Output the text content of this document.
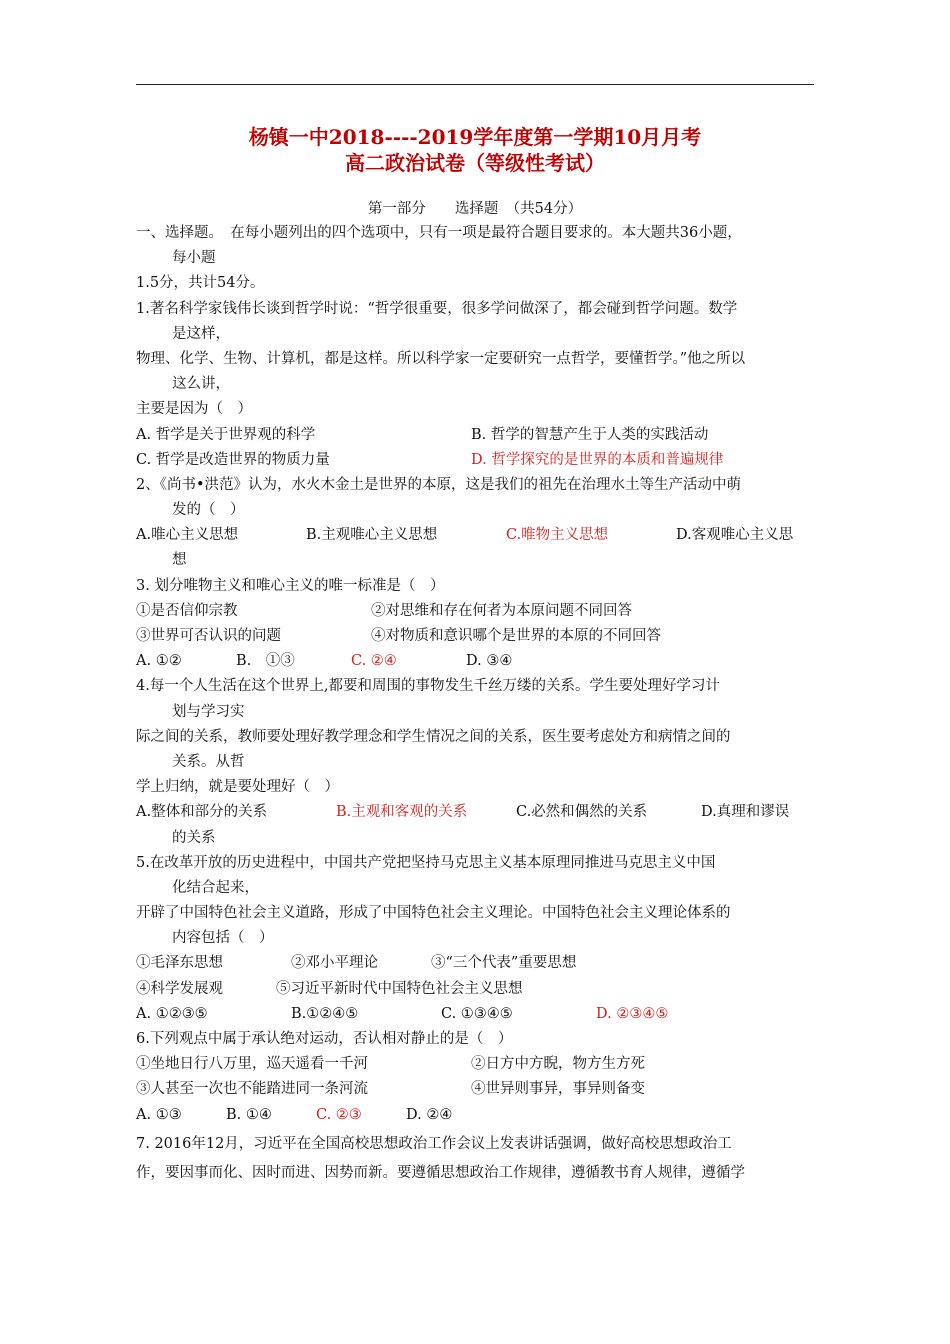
杨镇一中2018----2019学年度第一学期10月月考
高二政治试卷（等级性考试）
第一部分　　选择题　（共54分）
一、选择题。　在每小题列出的四个选项中，只有一项是最符合题目要求的。本大题共36小题，
每小题
1.5分，共计54分。
1.著名科学家钱伟长谈到哲学时说：“哲学很重要，很多学问做深了，都会碰到哲学问题。数学
是这样，
物理、化学、生物、计算机，都是这样。所以科学家一定要研究一点哲学，要懂哲学。”他之所以
这么讲，
主要是因为（　）
A. 哲学是关于世界观的科学	B. 哲学的智慧产生于人类的实践活动
C. 哲学是改造世界的物质力量	D. 哲学探究的是世界的本质和普遍规律
2、《尚书•洪范》认为，水火木金土是世界的本原，这是我们的祖先在治理水土等生产活动中萌
发的（　）
A.唯心主义思想	B.主观唯心主义思想	C.唯物主义思想	D.客观唯心主义思
想
3. 划分唯物主义和唯心主义的唯一标准是（　）
①是否信仰宗教	②对思维和存在何者为本原问题不同回答
③世界可否认识的问题	④对物质和意识哪个是世界的本原的不同回答
A. ①②	B.　①③	C. ②④	D. ③④
4.每一个人生活在这个世界上,都要和周围的事物发生千丝万缕的关系。学生要处理好学习计
划与学习实
际之间的关系，教师要处理好教学理念和学生情况之间的关系，医生要考虑处方和病情之间的
关系。从哲
学上归纳，就是要处理好（　）
A.整体和部分的关系	B.主观和客观的关系	C.必然和偶然的关系	D.真理和谬误
的关系
5.在改革开放的历史进程中，中国共产党把坚持马克思主义基本原理同推进马克思主义中国
化结合起来，
开辟了中国特色社会主义道路，形成了中国特色社会主义理论。中国特色社会主义理论体系的
内容包括（　）
①毛泽东思想	②邓小平理论	③“三个代表”重要思想
④科学发展观	⑤习近平新时代中国特色社会主义思想
A. ①②③⑤	B.①②④⑤	C. ①③④⑤	D. ②③④⑤
6.下列观点中属于承认绝对运动，否认相对静止的是（　）
①坐地日行八万里，巡天遥看一千河	②日方中方睨，物方生方死
③人甚至一次也不能踏进同一条河流	④世异则事异，事异则备变
A. ①③	B. ①④	C. ②③	D. ②④
7. 2016年12月，习近平在全国高校思想政治工作会议上发表讲话强调，做好高校思想政治工
作，要因事而化、因时而进、因势而新。要遵循思想政治工作规律，遵循教书育人规律，遵循学
